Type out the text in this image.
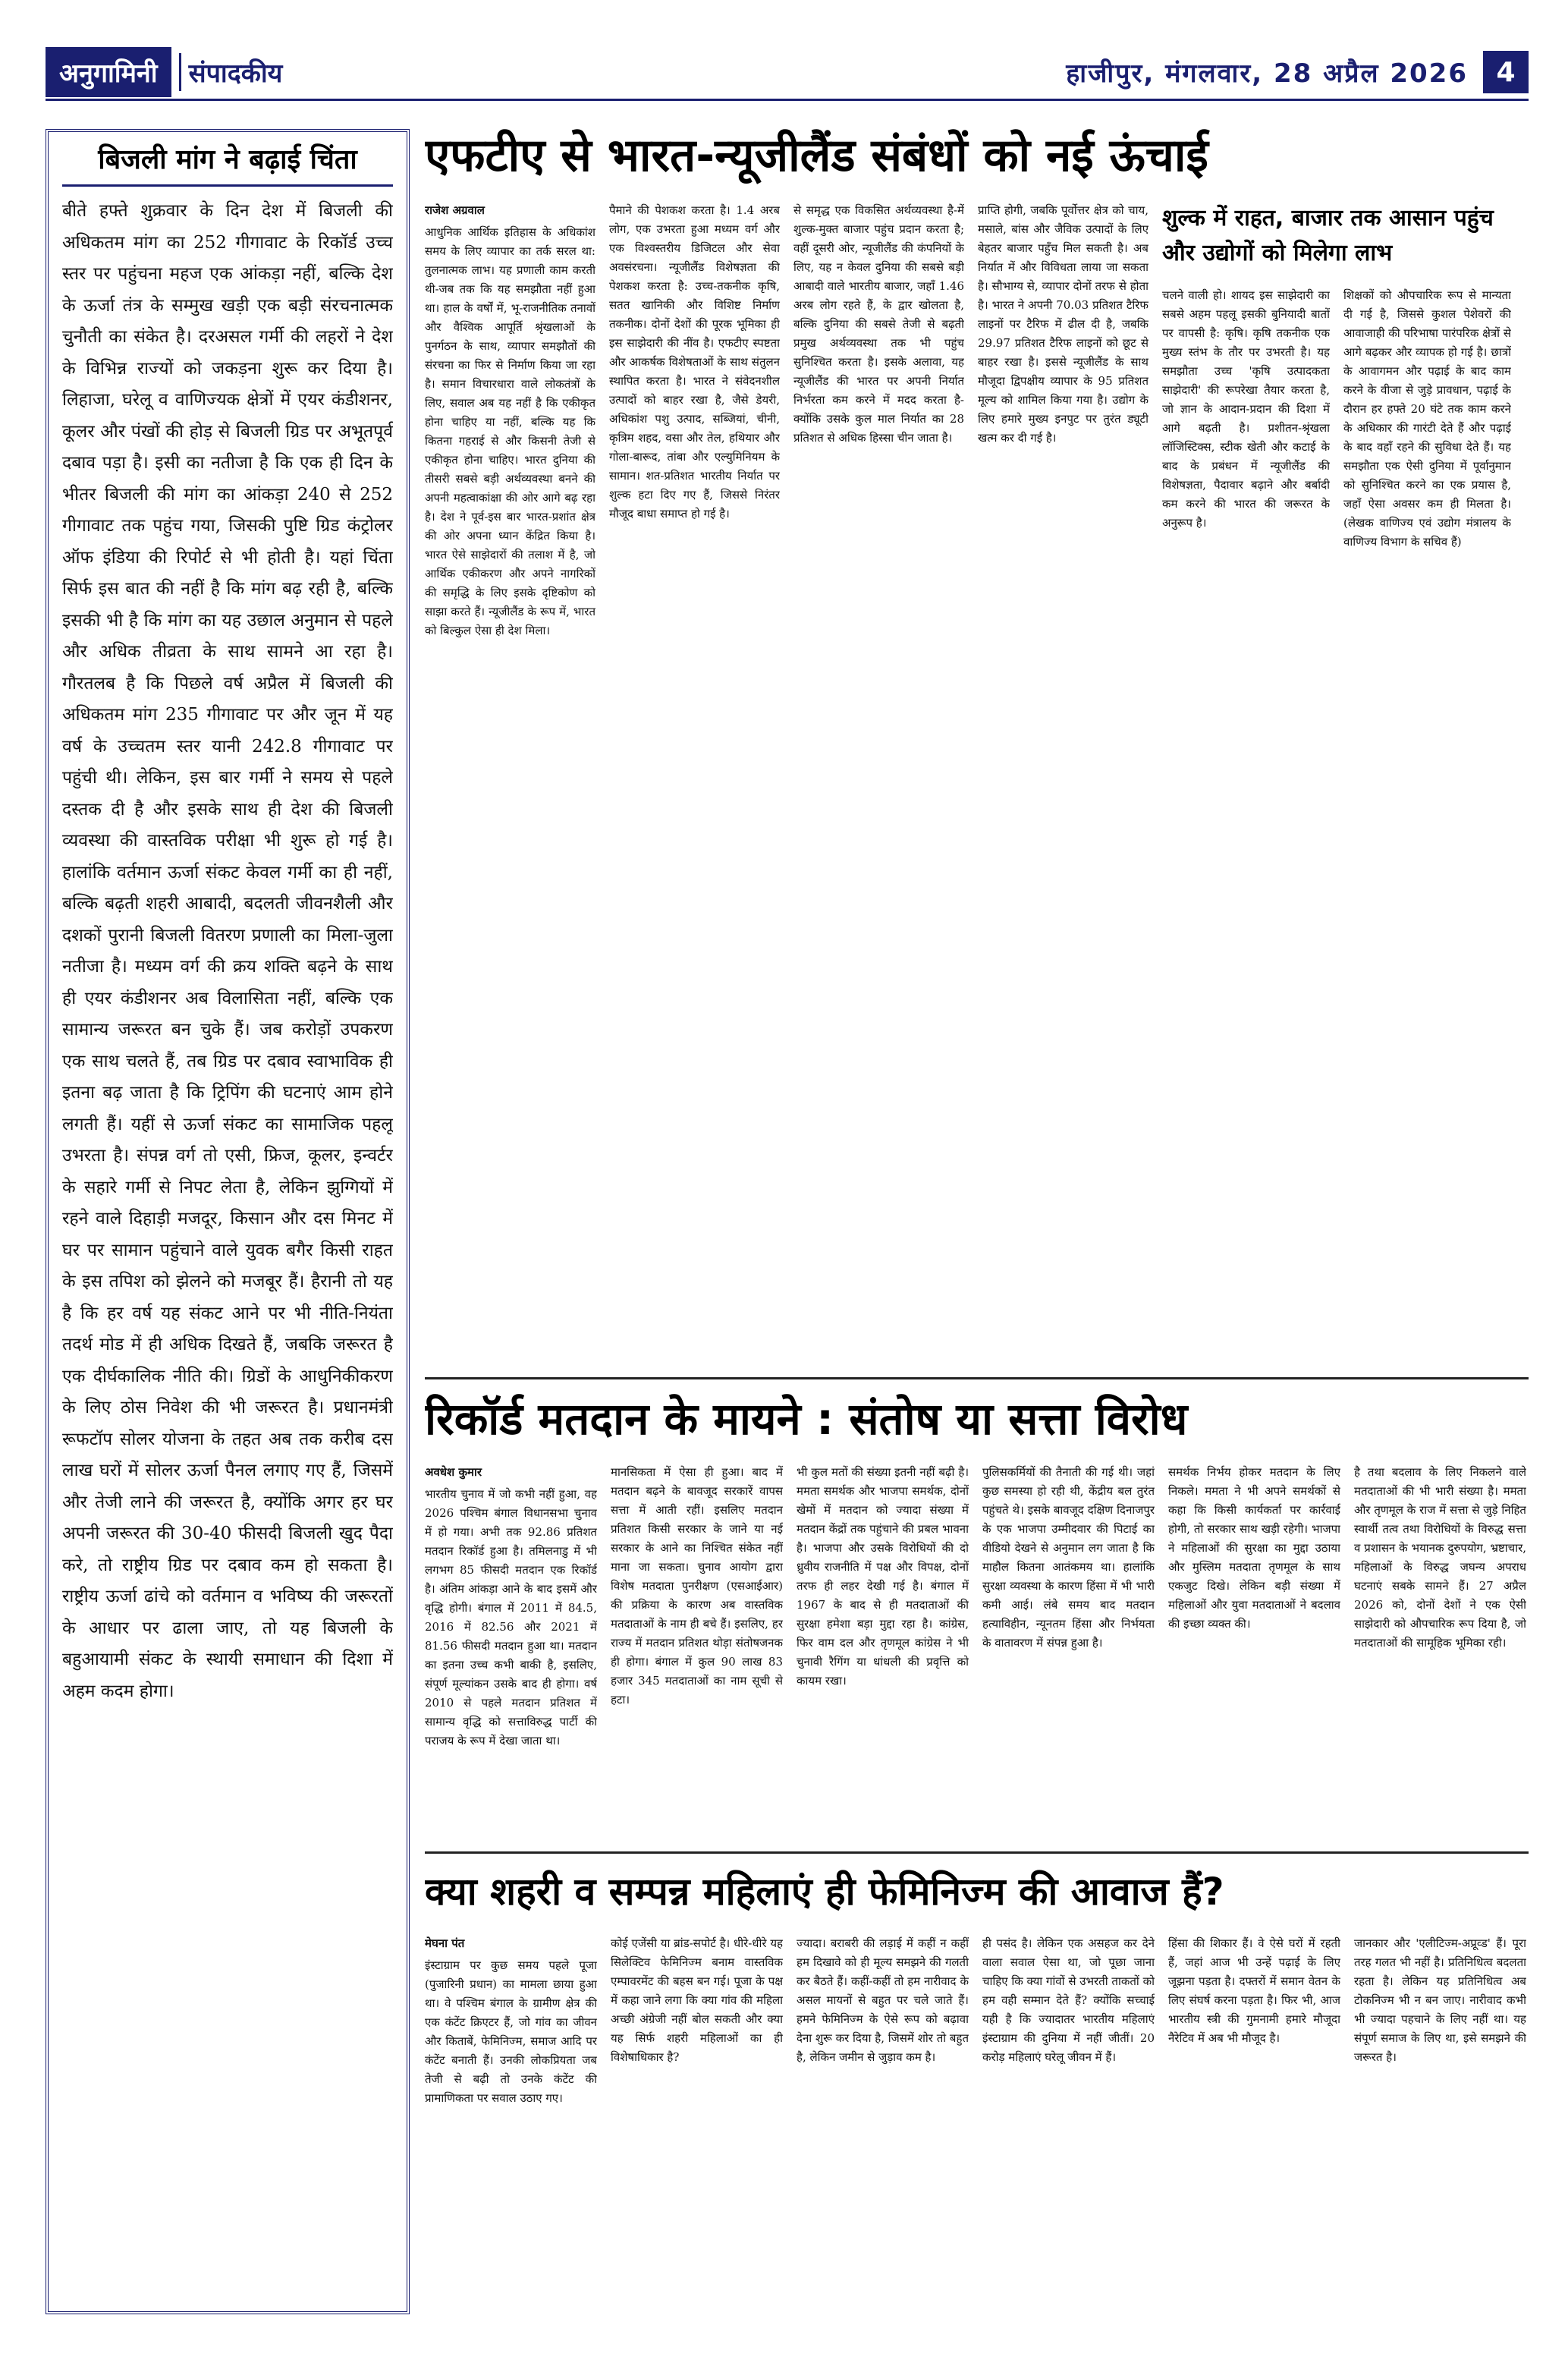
अनुगामिनी	संपादकीय	हाजीपुर, मंगलवार, 28 अप्रैल 2026	4
बिजली मांग ने बढ़ाई चिंता
बीते हफ्ते शुक्रवार के दिन देश में बिजली की अधिकतम मांग का 252 गीगावाट के रिकॉर्ड उच्च स्तर पर पहुंचना महज एक आंकड़ा नहीं, बल्कि देश के ऊर्जा तंत्र के सम्मुख खड़ी एक बड़ी संरचनात्मक चुनौती का संकेत है। दरअसल गर्मी की लहरों ने देश के विभिन्न राज्यों को जकड़ना शुरू कर दिया है। लिहाजा, घरेलू व वाणिज्यक क्षेत्रों में एयर कंडीशनर, कूलर और पंखों की होड़ से बिजली ग्रिड पर अभूतपूर्व दबाव पड़ा है। इसी का नतीजा है कि एक ही दिन के भीतर बिजली की मांग का आंकड़ा 240 से 252 गीगावाट तक पहुंच गया, जिसकी पुष्टि ग्रिड कंट्रोलर ऑफ इंडिया की रिपोर्ट से भी होती है। यहां चिंता सिर्फ इस बात की नहीं है कि मांग बढ़ रही है, बल्कि इसकी भी है कि मांग का यह उछाल अनुमान से पहले और अधिक तीव्रता के साथ सामने आ रहा है। गौरतलब है कि पिछले वर्ष अप्रैल में बिजली की अधिकतम मांग 235 गीगावाट पर और जून में यह वर्ष के उच्चतम स्तर यानी 242.8 गीगावाट पर पहुंची थी। लेकिन, इस बार गर्मी ने समय से पहले दस्तक दी है और इसके साथ ही देश की बिजली व्यवस्था की वास्तविक परीक्षा भी शुरू हो गई है। हालांकि वर्तमान ऊर्जा संकट केवल गर्मी का ही नहीं, बल्कि बढ़ती शहरी आबादी, बदलती जीवनशैली और दशकों पुरानी बिजली वितरण प्रणाली का मिला-जुला नतीजा है। मध्यम वर्ग की क्रय शक्ति बढ़ने के साथ ही एयर कंडीशनर अब विलासिता नहीं, बल्कि एक सामान्य जरूरत बन चुके हैं। जब करोड़ों उपकरण एक साथ चलते हैं, तब ग्रिड पर दबाव स्वाभाविक ही इतना बढ़ जाता है कि ट्रिपिंग की घटनाएं आम होने लगती हैं। यहीं से ऊर्जा संकट का सामाजिक पहलू उभरता है। संपन्न वर्ग तो एसी, फ्रिज, कूलर, इन्वर्टर के सहारे गर्मी से निपट लेता है, लेकिन झुग्गियों में रहने वाले दिहाड़ी मजदूर, किसान और दस मिनट में घर पर सामान पहुंचाने वाले युवक बगैर किसी राहत के इस तपिश को झेलने को मजबूर हैं। हैरानी तो यह है कि हर वर्ष यह संकट आने पर भी नीति-नियंता तदर्थ मोड में ही अधिक दिखते हैं, जबकि जरूरत है एक दीर्घकालिक नीति की। ग्रिडों के आधुनिकीकरण के लिए ठोस निवेश की भी जरूरत है। प्रधानमंत्री रूफटॉप सोलर योजना के तहत अब तक करीब दस लाख घरों में सोलर ऊर्जा पैनल लगाए गए हैं, जिसमें और तेजी लाने की जरूरत है, क्योंकि अगर हर घर अपनी जरूरत की 30-40 फीसदी बिजली खुद पैदा करे, तो राष्ट्रीय ग्रिड पर दबाव कम हो सकता है। राष्ट्रीय ऊर्जा ढांचे को वर्तमान व भविष्य की जरूरतों के आधार पर ढाला जाए, तो यह बिजली के बहुआयामी संकट के स्थायी समाधान की दिशा में अहम कदम होगा।
एफटीए से भारत-न्यूजीलैंड संबंधों को नई ऊंचाई
राजेश अग्रवाल
आधुनिक आर्थिक इतिहास के अधिकांश समय के लिए व्यापार का तर्क सरल था: तुलनात्मक लाभ। यह प्रणाली काम करती थी-जब तक कि यह समझौता नहीं हुआ था। हाल के वर्षों में, भू-राजनीतिक तनावों और वैश्विक आपूर्ति श्रृंखलाओं के पुनर्गठन के साथ, व्यापार समझौतों की संरचना का फिर से निर्माण किया जा रहा है। समान विचारधारा वाले लोकतंत्रों के लिए, सवाल अब यह नहीं है कि एकीकृत होना चाहिए या नहीं, बल्कि यह कि कितना गहराई से और किसनी तेजी से एकीकृत होना चाहिए। भारत दुनिया की तीसरी सबसे बड़ी अर्थव्यवस्था बनने की अपनी महत्वाकांक्षा की ओर आगे बढ़ रहा है। देश ने पूर्व-इस बार भारत-प्रशांत क्षेत्र की ओर अपना ध्यान केंद्रित किया है। भारत ऐसे साझेदारों की तलाश में है, जो आर्थिक एकीकरण और अपने नागरिकों की समृद्धि के लिए इसके दृष्टिकोण को साझा करते हैं। न्यूजीलैंड के रूप में, भारत को बिल्कुल ऐसा ही देश मिला।
पैमाने की पेशकश करता है। 1.4 अरब लोग, एक उभरता हुआ मध्यम वर्ग और एक विश्वस्तरीय डिजिटल और सेवा अवसंरचना। न्यूजीलैंड विशेषज्ञता की पेशकश करता है: उच्च-तकनीक कृषि, सतत खानिकी और विशिष्ट निर्माण तकनीक। दोनों देशों की पूरक भूमिका ही इस साझेदारी की नींव है। एफटीए स्पष्टता और आकर्षक विशेषताओं के साथ संतुलन स्थापित करता है। भारत ने संवेदनशील उत्पादों को बाहर रखा है, जैसे डेयरी, अधिकांश पशु उत्पाद, सब्जियां, चीनी, कृत्रिम शहद, वसा और तेल, हथियार और गोला-बारूद, तांबा और एल्युमिनियम के सामान। शत-प्रतिशत भारतीय निर्यात पर शुल्क हटा दिए गए हैं, जिससे निरंतर मौजूद बाधा समाप्त हो गई है।
से समृद्ध एक विकसित अर्थव्यवस्था है-में शुल्क-मुक्त बाजार पहुंच प्रदान करता है; वहीं दूसरी ओर, न्यूजीलैंड की कंपनियों के लिए, यह न केवल दुनिया की सबसे बड़ी आबादी वाले भारतीय बाजार, जहाँ 1.46 अरब लोग रहते हैं, के द्वार खोलता है, बल्कि दुनिया की सबसे तेजी से बढ़ती प्रमुख अर्थव्यवस्था तक भी पहुंच सुनिश्चित करता है। इसके अलावा, यह न्यूजीलैंड की भारत पर अपनी निर्यात निर्भरता कम करने में मदद करता है-क्योंकि उसके कुल माल निर्यात का 28 प्रतिशत से अधिक हिस्सा चीन जाता है।
प्राप्ति होगी, जबकि पूर्वोत्तर क्षेत्र को चाय, मसाले, बांस और जैविक उत्पादों के लिए बेहतर बाजार पहुँच मिल सकती है। अब निर्यात में और विविधता लाया जा सकता है। सौभाग्य से, व्यापार दोनों तरफ से होता है। भारत ने अपनी 70.03 प्रतिशत टैरिफ लाइनों पर टैरिफ में ढील दी है, जबकि 29.97 प्रतिशत टैरिफ लाइनों को छूट से बाहर रखा है। इससे न्यूजीलैंड के साथ मौजूदा द्विपक्षीय व्यापार के 95 प्रतिशत मूल्य को शामिल किया गया है। उद्योग के लिए हमारे मुख्य इनपुट पर तुरंत ड्यूटी खत्म कर दी गई है।
शुल्क में राहत, बाजार तक आसान पहुंच और उद्योगों को मिलेगा लाभ
चलने वाली हो। शायद इस साझेदारी का सबसे अहम पहलू इसकी बुनियादी बातों पर वापसी है: कृषि। कृषि तकनीक एक मुख्य स्तंभ के तौर पर उभरती है। यह समझौता उच्च 'कृषि उत्पादकता साझेदारी' की रूपरेखा तैयार करता है, जो ज्ञान के आदान-प्रदान की दिशा में आगे बढ़ती है। प्रशीतन-श्रृंखला लॉजिस्टिक्स, स्टीक खेती और कटाई के बाद के प्रबंधन में न्यूजीलैंड की विशेषज्ञता, पैदावार बढ़ाने और बर्बादी कम करने की भारत की जरूरत के अनुरूप है।
शिक्षकों को औपचारिक रूप से मान्यता दी गई है, जिससे कुशल पेशेवरों की आवाजाही की परिभाषा पारंपरिक क्षेत्रों से आगे बढ़कर और व्यापक हो गई है। छात्रों के आवागमन और पढ़ाई के बाद काम करने के वीजा से जुड़े प्रावधान, पढ़ाई के दौरान हर हफ्ते 20 घंटे तक काम करने के अधिकार की गारंटी देते हैं और पढ़ाई के बाद वहाँ रहने की सुविधा देते हैं। यह समझौता एक ऐसी दुनिया में पूर्वानुमान को सुनिश्चित करने का एक प्रयास है, जहाँ ऐसा अवसर कम ही मिलता है। (लेखक वाणिज्य एवं उद्योग मंत्रालय के वाणिज्य विभाग के सचिव हैं)
रिकॉर्ड मतदान के मायने : संतोष या सत्ता विरोध
अवधेश कुमार
भारतीय चुनाव में जो कभी नहीं हुआ, वह 2026 पश्चिम बंगाल विधानसभा चुनाव में हो गया। अभी तक 92.86 प्रतिशत मतदान रिकॉर्ड हुआ है। तमिलनाडु में भी लगभग 85 फीसदी मतदान एक रिकॉर्ड है। अंतिम आंकड़ा आने के बाद इसमें और वृद्धि होगी। बंगाल में 2011 में 84.5, 2016 में 82.56 और 2021 में 81.56 फीसदी मतदान हुआ था। मतदान का इतना उच्च कभी बाकी है, इसलिए, संपूर्ण मूल्यांकन उसके बाद ही होगा। वर्ष 2010 से पहले मतदान प्रतिशत में सामान्य वृद्धि को सत्ताविरुद्ध पार्टी की पराजय के रूप में देखा जाता था।
मानसिकता में ऐसा ही हुआ। बाद में मतदान बढ़ने के बावजूद सरकारें वापस सत्ता में आती रहीं। इसलिए मतदान प्रतिशत किसी सरकार के जाने या नई सरकार के आने का निश्चित संकेत नहीं माना जा सकता। चुनाव आयोग द्वारा विशेष मतदाता पुनरीक्षण (एसआईआर) की प्रक्रिया के कारण अब वास्तविक मतदाताओं के नाम ही बचे हैं। इसलिए, हर राज्य में मतदान प्रतिशत थोड़ा संतोषजनक ही होगा। बंगाल में कुल 90 लाख 83 हजार 345 मतदाताओं का नाम सूची से हटा।
भी कुल मतों की संख्या इतनी नहीं बढ़ी है। ममता समर्थक और भाजपा समर्थक, दोनों खेमों में मतदान को ज्यादा संख्या में मतदान केंद्रों तक पहुंचाने की प्रबल भावना है। भाजपा और उसके विरोधियों की दो ध्रुवीय राजनीति में पक्ष और विपक्ष, दोनों तरफ ही लहर देखी गई है। बंगाल में 1967 के बाद से ही मतदाताओं की सुरक्षा हमेशा बड़ा मुद्दा रहा है। कांग्रेस, फिर वाम दल और तृणमूल कांग्रेस ने भी चुनावी रैगिंग या धांधली की प्रवृत्ति को कायम रखा।
पुलिसकर्मियों की तैनाती की गई थी। जहां कुछ समस्या हो रही थी, केंद्रीय बल तुरंत पहुंचते थे। इसके बावजूद दक्षिण दिनाजपुर के एक भाजपा उम्मीदवार की पिटाई का वीडियो देखने से अनुमान लग जाता है कि माहौल कितना आतंकमय था। हालांकि सुरक्षा व्यवस्था के कारण हिंसा में भी भारी कमी आई। लंबे समय बाद मतदान हत्याविहीन, न्यूनतम हिंसा और निर्भयता के वातावरण में संपन्न हुआ है।
समर्थक निर्भय होकर मतदान के लिए निकले। ममता ने भी अपने समर्थकों से कहा कि किसी कार्यकर्ता पर कार्रवाई होगी, तो सरकार साथ खड़ी रहेगी। भाजपा ने महिलाओं की सुरक्षा का मुद्दा उठाया और मुस्लिम मतदाता तृणमूल के साथ एकजुट दिखे। लेकिन बड़ी संख्या में महिलाओं और युवा मतदाताओं ने बदलाव की इच्छा व्यक्त की।
है तथा बदलाव के लिए निकलने वाले मतदाताओं की भी भारी संख्या है। ममता और तृणमूल के राज में सत्ता से जुड़े निहित स्वार्थी तत्व तथा विरोधियों के विरुद्ध सत्ता व प्रशासन के भयानक दुरुपयोग, भ्रष्टाचार, महिलाओं के विरुद्ध जघन्य अपराध घटनाएं सबके सामने हैं। 27 अप्रैल 2026 को, दोनों देशों ने एक ऐसी साझेदारी को औपचारिक रूप दिया है, जो मतदाताओं की सामूहिक भूमिका रही।
क्या शहरी व सम्पन्न महिलाएं ही फेमिनिज्म की आवाज हैं?
मेघना पंत
इंस्टाग्राम पर कुछ समय पहले पूजा (पुजारिनी प्रधान) का मामला छाया हुआ था। वे पश्चिम बंगाल के ग्रामीण क्षेत्र की एक कंटेंट क्रिएटर हैं, जो गांव का जीवन और किताबें, फेमिनिज्म, समाज आदि पर कंटेंट बनाती हैं। उनकी लोकप्रियता जब तेजी से बढ़ी तो उनके कंटेंट की प्रामाणिकता पर सवाल उठाए गए।
कोई एजेंसी या ब्रांड-सपोर्ट है। धीरे-धीरे यह सिलेक्टिव फेमिनिज्म बनाम वास्तविक एम्पावरमेंट की बहस बन गई। पूजा के पक्ष में कहा जाने लगा कि क्या गांव की महिला अच्छी अंग्रेजी नहीं बोल सकती और क्या यह सिर्फ शहरी महिलाओं का ही विशेषाधिकार है?
ज्यादा। बराबरी की लड़ाई में कहीं न कहीं हम दिखावे को ही मूल्य समझने की गलती कर बैठते हैं। कहीं-कहीं तो हम नारीवाद के असल मायनों से बहुत पर चले जाते हैं। हमने फेमिनिज्म के ऐसे रूप को बढ़ावा देना शुरू कर दिया है, जिसमें शोर तो बहुत है, लेकिन जमीन से जुड़ाव कम है।
ही पसंद है। लेकिन एक असहज कर देने वाला सवाल ऐसा था, जो पूछा जाना चाहिए कि क्या गांवों से उभरती ताकतों को हम वही सम्मान देते हैं? क्योंकि सच्चाई यही है कि ज्यादातर भारतीय महिलाएं इंस्टाग्राम की दुनिया में नहीं जीतीं। 20 करोड़ महिलाएं घरेलू जीवन में हैं।
हिंसा की शिकार हैं। वे ऐसे घरों में रहती हैं, जहां आज भी उन्हें पढ़ाई के लिए जूझना पड़ता है। दफ्तरों में समान वेतन के लिए संघर्ष करना पड़ता है। फिर भी, आज भारतीय स्त्री की गुमनामी हमारे मौजूदा नैरेटिव में अब भी मौजूद है।
जानकार और 'एलीटिज्म-अप्रूव्ड' हैं। पूरा तरह गलत भी नहीं है। प्रतिनिधित्व बदलता रहता है। लेकिन यह प्रतिनिधित्व अब टोकनिज्म भी न बन जाए। नारीवाद कभी भी ज्यादा पहचाने के लिए नहीं था। यह संपूर्ण समाज के लिए था, इसे समझने की जरूरत है।
